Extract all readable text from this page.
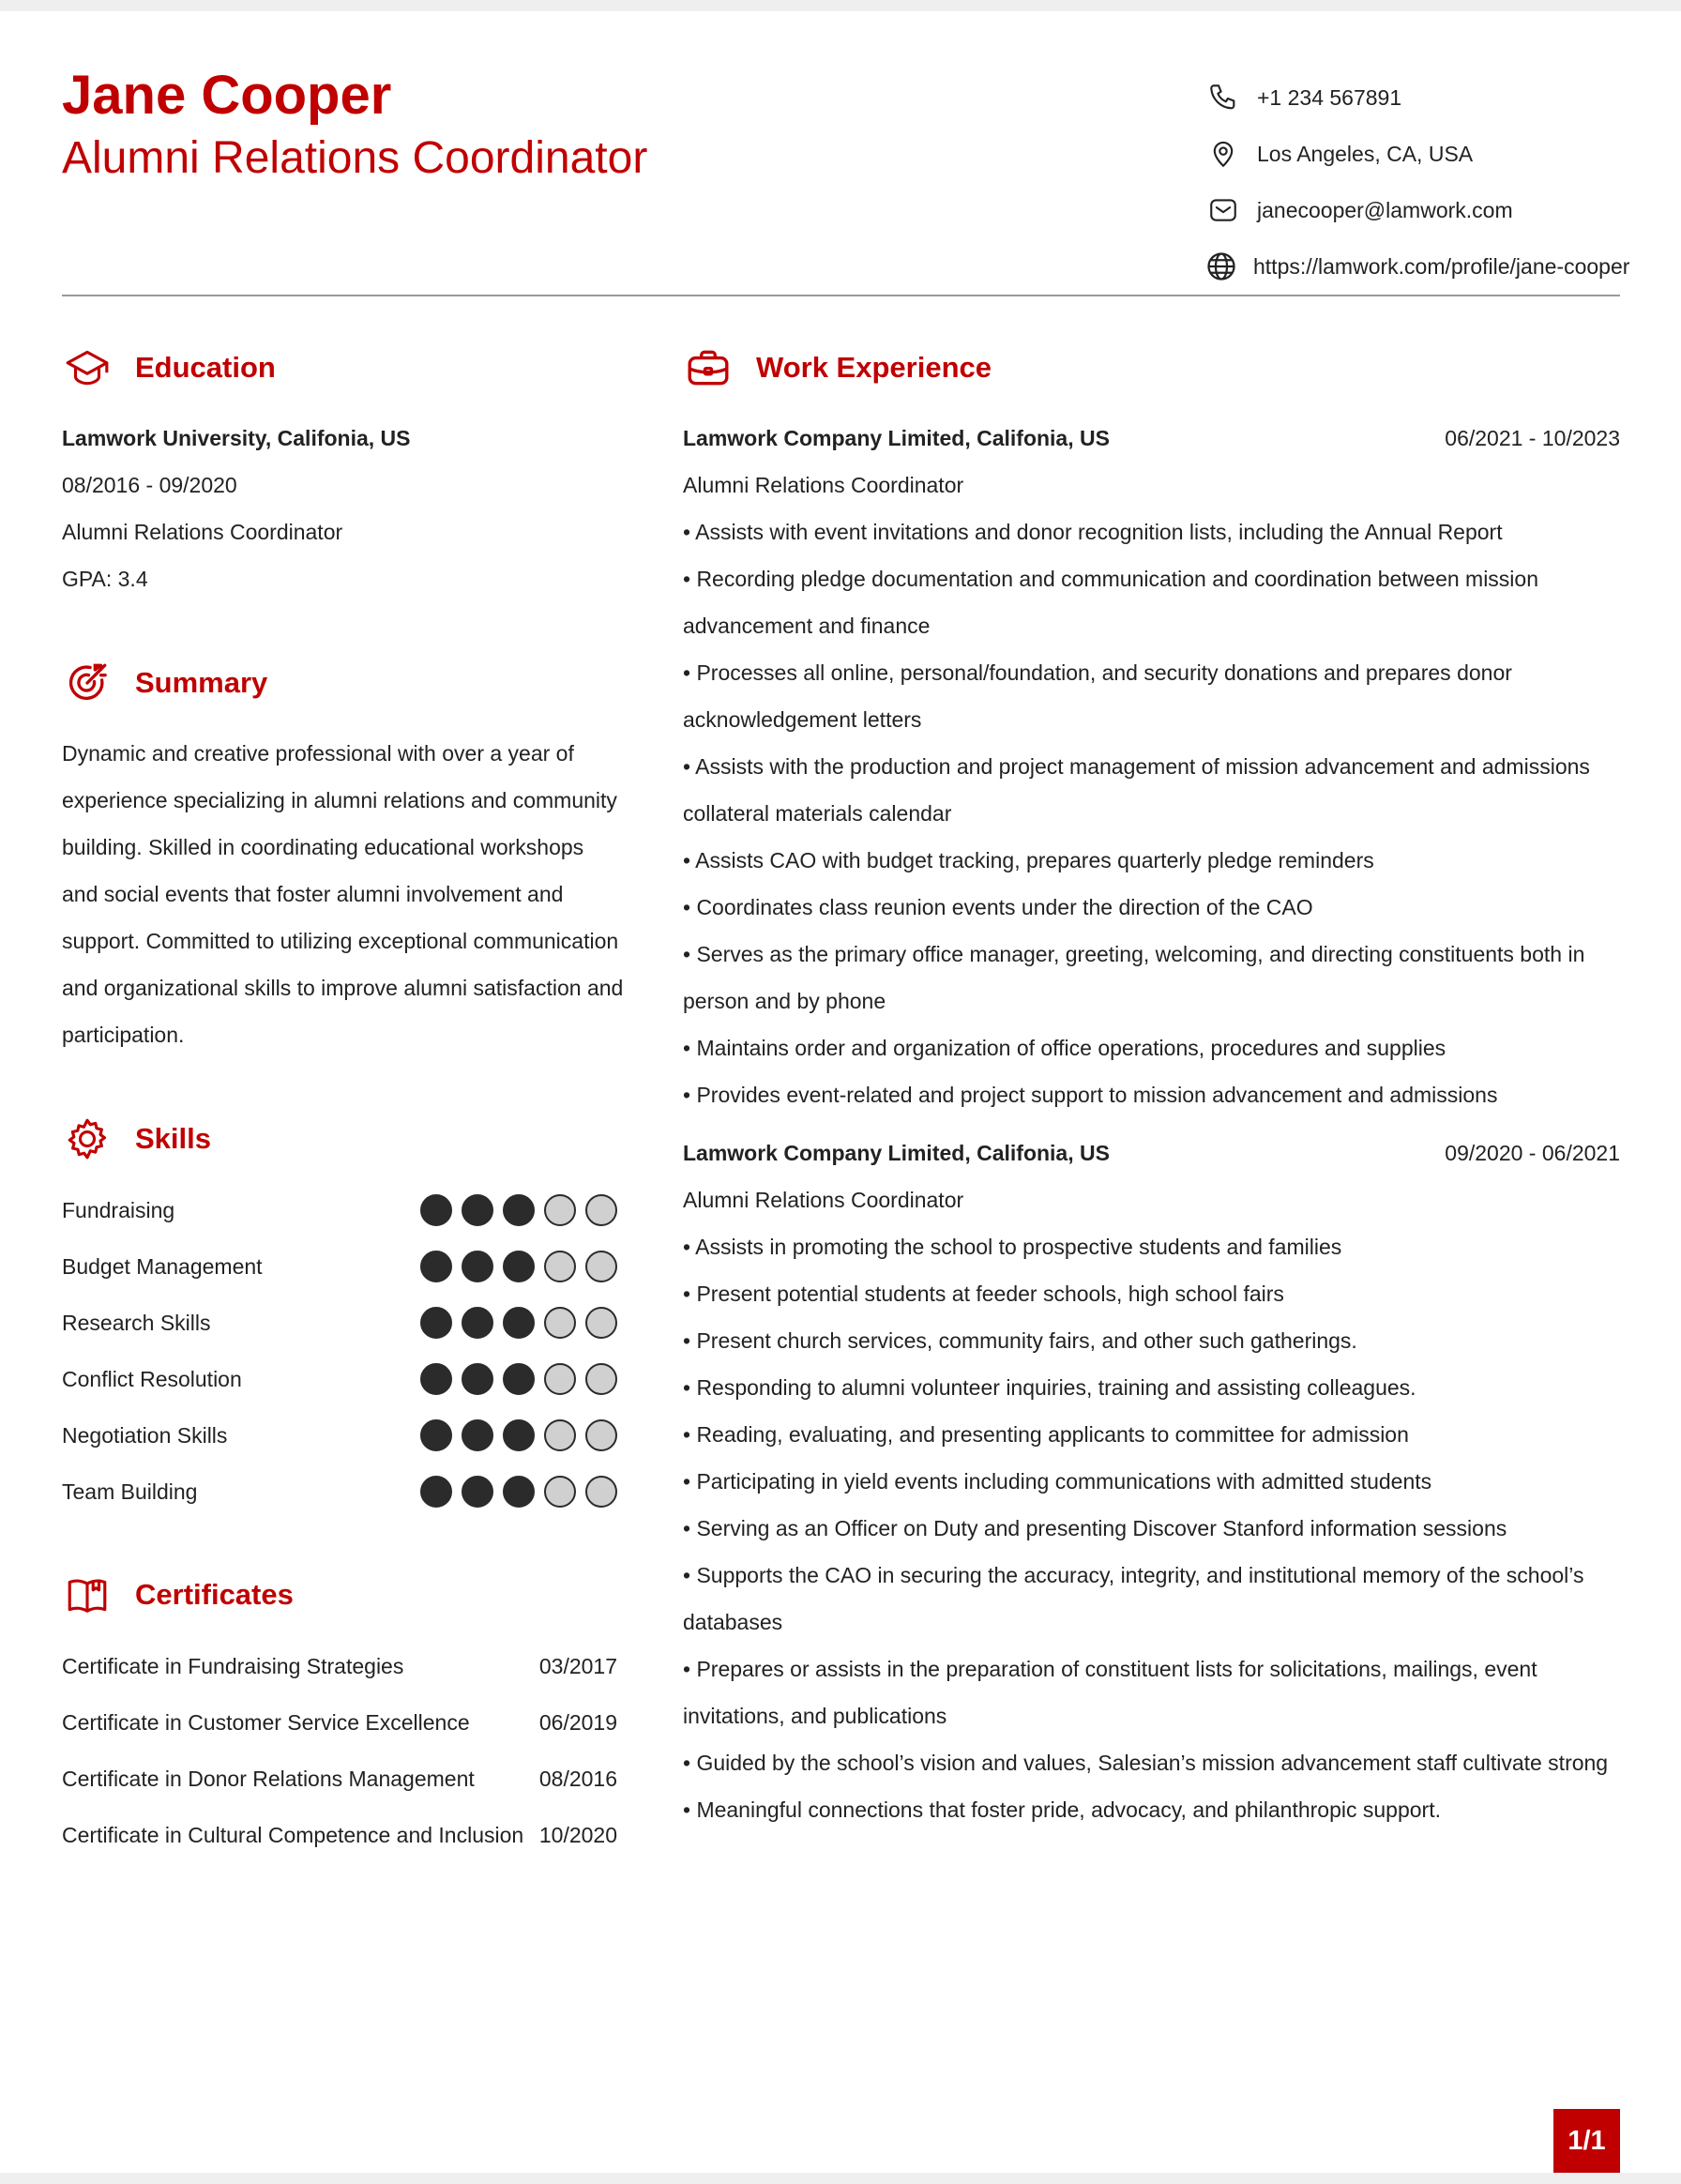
Jane Cooper
Alumni Relations Coordinator
+1 234 567891
Los Angeles, CA, USA
janecooper@lamwork.com
https://lamwork.com/profile/jane-cooper
Education
Lamwork University, Califonia, US
08/2016 - 09/2020
Alumni Relations Coordinator
GPA: 3.4
Summary
Dynamic and creative professional with over a year of experience specializing in alumni relations and community building. Skilled in coordinating educational workshops and social events that foster alumni involvement and support. Committed to utilizing exceptional communication and organizational skills to improve alumni satisfaction and participation.
Skills
Fundraising
Budget Management
Research Skills
Conflict Resolution
Negotiation Skills
Team Building
Certificates
Certificate in Fundraising Strategies	03/2017
Certificate in Customer Service Excellence	06/2019
Certificate in Donor Relations Management	08/2016
Certificate in Cultural Competence and Inclusion 10/2020
Work Experience
Lamwork Company Limited, Califonia, US	06/2021 - 10/2023
Alumni Relations Coordinator
• Assists with event invitations and donor recognition lists, including the Annual Report
• Recording pledge documentation and communication and coordination between mission advancement and finance
• Processes all online, personal/foundation, and security donations and prepares donor acknowledgement letters
• Assists with the production and project management of mission advancement and admissions collateral materials calendar
• Assists CAO with budget tracking, prepares quarterly pledge reminders
• Coordinates class reunion events under the direction of the CAO
• Serves as the primary office manager, greeting, welcoming, and directing constituents both in person and by phone
• Maintains order and organization of office operations, procedures and supplies
• Provides event-related and project support to mission advancement and admissions
Lamwork Company Limited, Califonia, US	09/2020 - 06/2021
Alumni Relations Coordinator
• Assists in promoting the school to prospective students and families
• Present potential students at feeder schools, high school fairs
• Present church services, community fairs, and other such gatherings.
• Responding to alumni volunteer inquiries, training and assisting colleagues.
• Reading, evaluating, and presenting applicants to committee for admission
• Participating in yield events including communications with admitted students
• Serving as an Officer on Duty and presenting Discover Stanford information sessions
• Supports the CAO in securing the accuracy, integrity, and institutional memory of the school’s databases
• Prepares or assists in the preparation of constituent lists for solicitations, mailings, event invitations, and publications
• Guided by the school’s vision and values, Salesian’s mission advancement staff cultivate strong
• Meaningful connections that foster pride, advocacy, and philanthropic support.
1/1
